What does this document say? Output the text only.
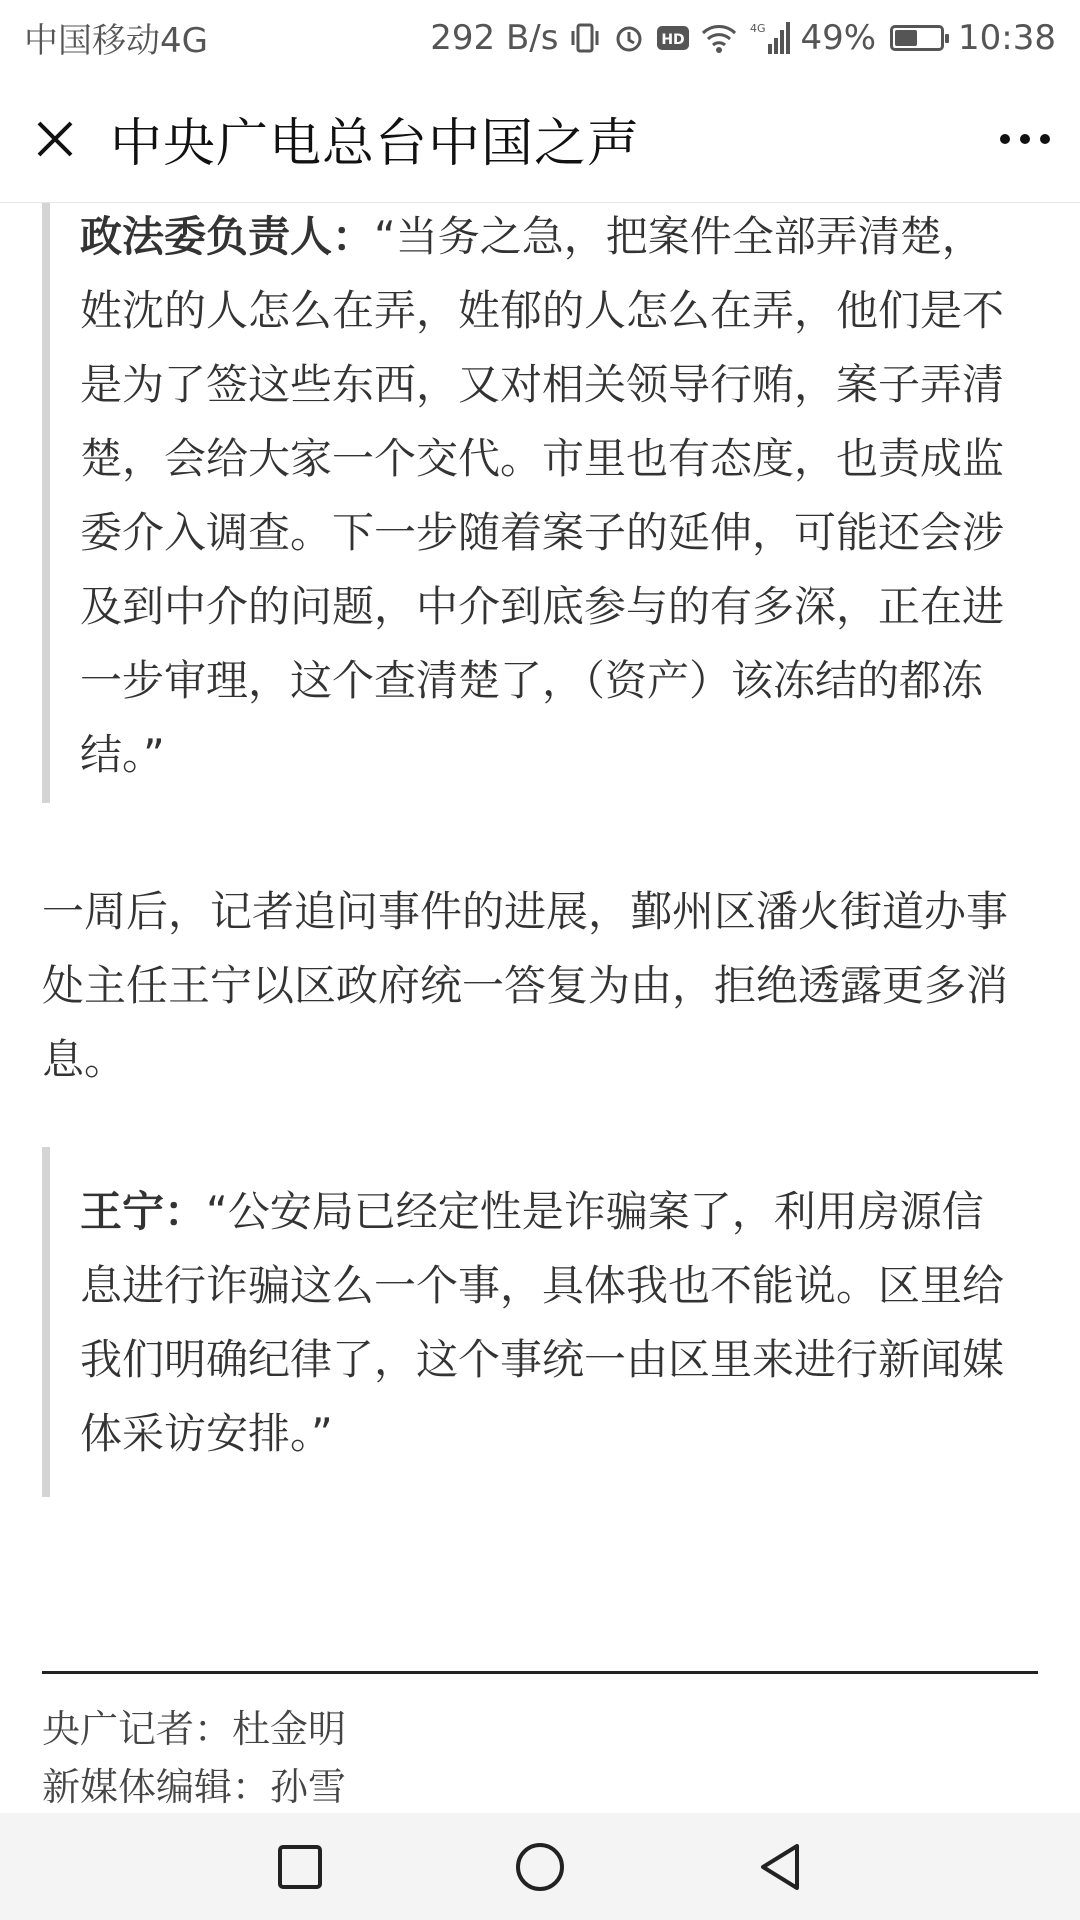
中国移动4G	292 B/s	HD
4G 49% 10:38
中央广电总台中国之声

政法委负责人：“当务之急，把案件全部弄清楚，姓沈的人怎么在弄，姓郁的人怎么在弄，他们是不是为了签这些东西，又对相关领导行贿，案子弄清楚，会给大家一个交代。市里也有态度，也责成监委介入调查。下一步随着案子的延伸，可能还会涉及到中介的问题，中介到底参与的有多深，正在进一步审理，这个查清楚了，（资产）该冻结的都冻结。”

一周后，记者追问事件的进展，鄞州区潘火街道办事处主任王宁以区政府统一答复为由，拒绝透露更多消息。

王宁：“公安局已经定性是诈骗案了，利用房源信息进行诈骗这么一个事，具体我也不能说。区里给我们明确纪律了，这个事统一由区里来进行新闻媒体采访安排。”

央广记者：杜金明
新媒体编辑：孙雪
